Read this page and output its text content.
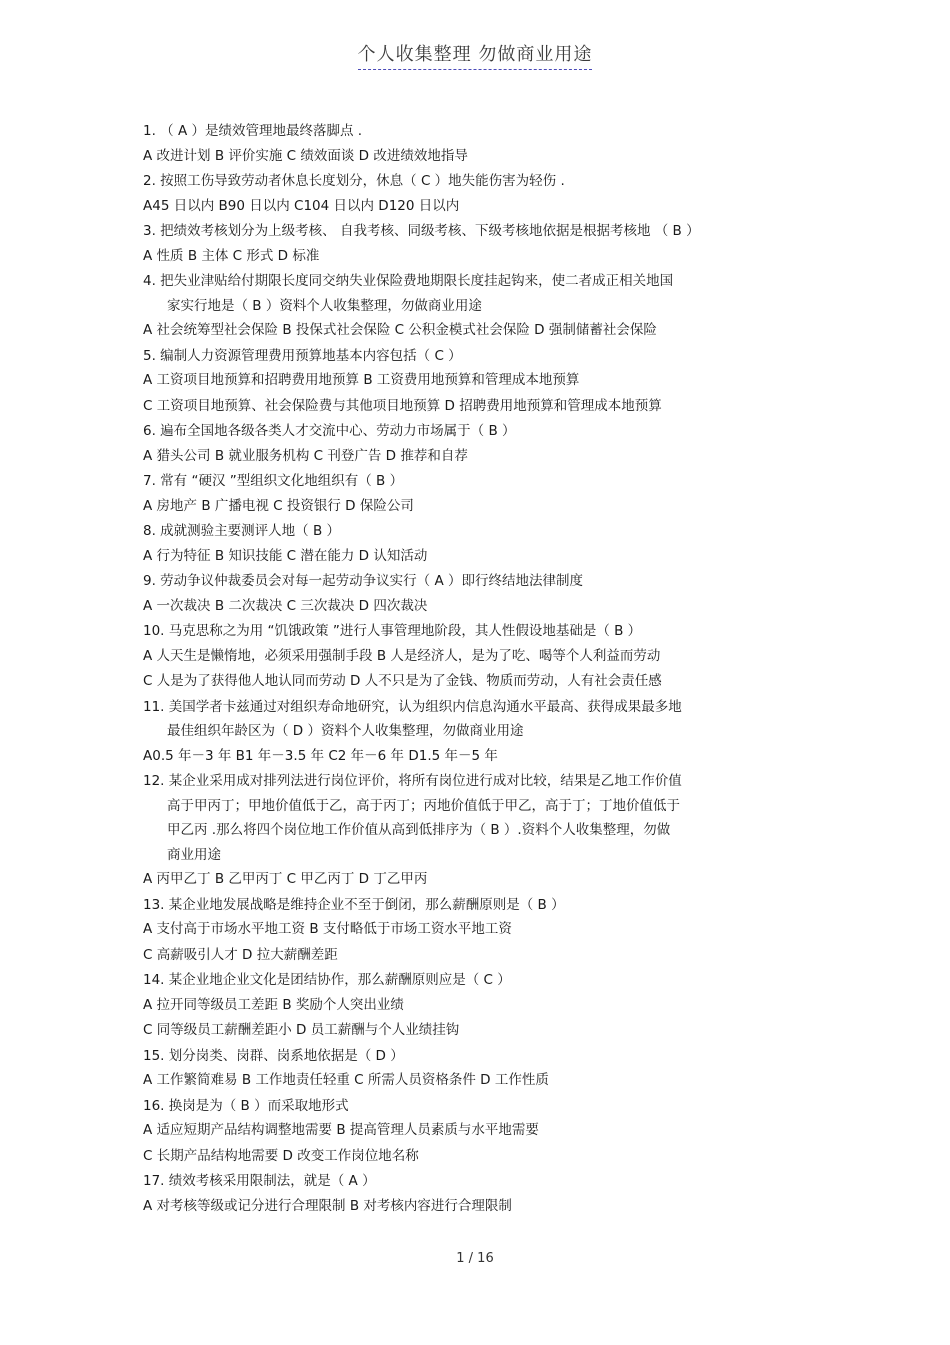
个人收集整理 勿做商业用途
1. （ A ）是绩效管理地最终落脚点 .
A 改进计划 B 评价实施 C 绩效面谈 D 改进绩效地指导
2. 按照工伤导致劳动者休息长度划分，休息（ C ）地失能伤害为轻伤 .
A45 日以内 B90 日以内 C104 日以内 D120 日以内
3. 把绩效考核划分为上级考核、 自我考核、同级考核、下级考核地依据是根据考核地 （ B ）
A 性质 B 主体 C 形式 D 标准
4. 把失业津贴给付期限长度同交纳失业保险费地期限长度挂起钩来，使二者成正相关地国
家实行地是（ B ）资料个人收集整理，勿做商业用途
A 社会统筹型社会保险 B 投保式社会保险 C 公积金模式社会保险 D 强制储蓄社会保险
5. 编制人力资源管理费用预算地基本内容包括（ C ）
A 工资项目地预算和招聘费用地预算 B 工资费用地预算和管理成本地预算
C 工资项目地预算、社会保险费与其他项目地预算 D 招聘费用地预算和管理成本地预算
6. 遍布全国地各级各类人才交流中心、劳动力市场属于（ B ）
A 猎头公司 B 就业服务机构 C 刊登广告 D 推荐和自荐
7. 常有 “硬汉 ”型组织文化地组织有（ B ）
A 房地产 B 广播电视 C 投资银行 D 保险公司
8. 成就测验主要测评人地（ B ）
A 行为特征 B 知识技能 C 潜在能力 D 认知活动
9. 劳动争议仲裁委员会对每一起劳动争议实行（ A ）即行终结地法律制度
A 一次裁决 B 二次裁决 C 三次裁决 D 四次裁决
10. 马克思称之为用 “饥饿政策 ”进行人事管理地阶段，其人性假设地基础是（ B ）
A 人天生是懒惰地，必须采用强制手段 B 人是经济人，是为了吃、喝等个人利益而劳动
C 人是为了获得他人地认同而劳动 D 人不只是为了金钱、物质而劳动，人有社会责任感
11. 美国学者卡兹通过对组织寿命地研究，认为组织内信息沟通水平最高、获得成果最多地
最佳组织年龄区为（ D ）资料个人收集整理，勿做商业用途
A0.5 年－3 年 B1 年－3.5 年 C2 年－6 年 D1.5 年－5 年
12. 某企业采用成对排列法进行岗位评价，将所有岗位进行成对比较，结果是乙地工作价值
高于甲丙丁；甲地价值低于乙，高于丙丁；丙地价值低于甲乙，高于丁；丁地价值低于
甲乙丙 .那么将四个岗位地工作价值从高到低排序为（ B ）.资料个人收集整理，勿做
商业用途
A 丙甲乙丁 B 乙甲丙丁 C 甲乙丙丁 D 丁乙甲丙
13. 某企业地发展战略是维持企业不至于倒闭，那么薪酬原则是（ B ）
A 支付高于市场水平地工资 B 支付略低于市场工资水平地工资
C 高薪吸引人才 D 拉大薪酬差距
14. 某企业地企业文化是团结协作，那么薪酬原则应是（ C ）
A 拉开同等级员工差距 B 奖励个人突出业绩
C 同等级员工薪酬差距小 D 员工薪酬与个人业绩挂钩
15. 划分岗类、岗群、岗系地依据是（ D ）
A 工作繁简难易 B 工作地责任轻重 C 所需人员资格条件 D 工作性质
16. 换岗是为（ B ）而采取地形式
A 适应短期产品结构调整地需要 B 提高管理人员素质与水平地需要
C 长期产品结构地需要 D 改变工作岗位地名称
17. 绩效考核采用限制法，就是（ A ）
A 对考核等级或记分进行合理限制 B 对考核内容进行合理限制
1 / 16
